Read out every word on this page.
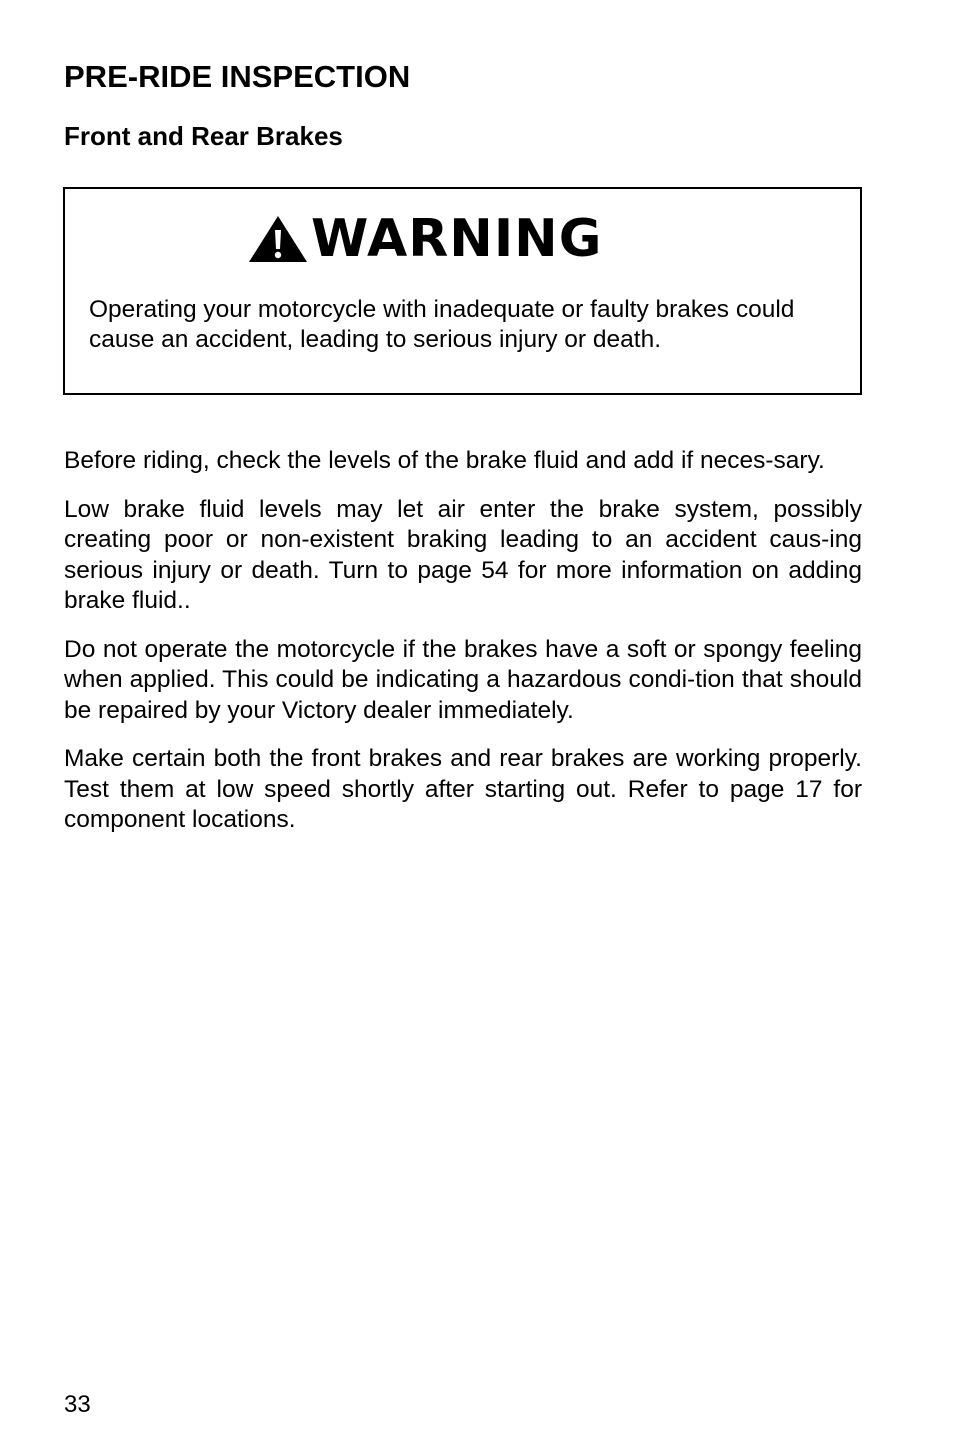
PRE-RIDE INSPECTION
Front and Rear Brakes
WARNING

Operating your motorcycle with inadequate or faulty brakes could cause an accident, leading to serious injury or death.

Before riding, check the levels of the brake fluid and add if neces-sary.

Low brake fluid levels may let air enter the brake system, possibly creating poor or non-existent braking leading to an accident caus-ing serious injury or death. Turn to page 54 for more information on adding brake fluid..

Do not operate the motorcycle if the brakes have a soft or spongy feeling when applied. This could be indicating a hazardous condi-tion that should be repaired by your Victory dealer immediately.

Make certain both the front brakes and rear brakes are working properly. Test them at low speed shortly after starting out. Refer to page 17 for component locations.

33
